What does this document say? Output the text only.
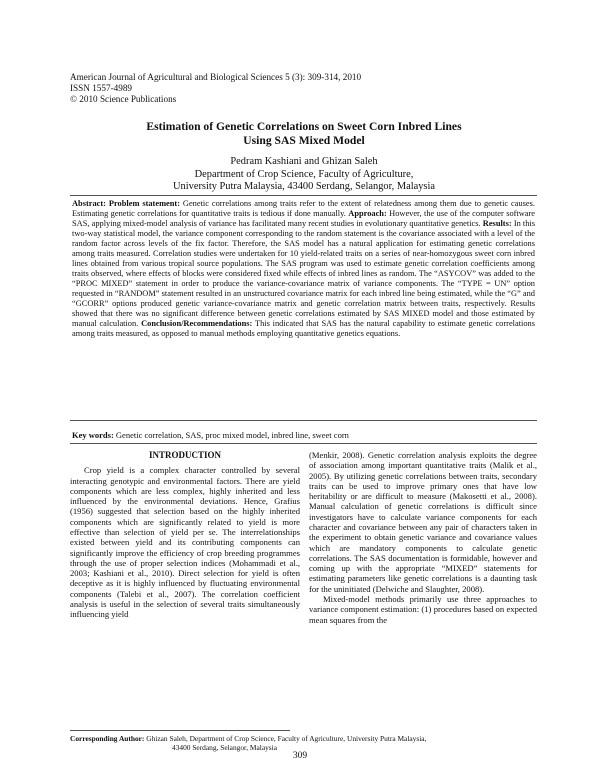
American Journal of Agricultural and Biological Sciences 5 (3): 309-314, 2010
ISSN 1557-4989
© 2010 Science Publications
Estimation of Genetic Correlations on Sweet Corn Inbred Lines
Using SAS Mixed Model
Pedram Kashiani and Ghizan Saleh
Department of Crop Science, Faculty of Agriculture,
University Putra Malaysia, 43400 Serdang, Selangor, Malaysia
Abstract: Problem statement: Genetic correlations among traits refer to the extent of relatedness among them due to genetic causes. Estimating genetic correlations for quantitative traits is tedious if done manually. Approach: However, the use of the computer software SAS, applying mixed-model analysis of variance has facilitated many recent studies in evolutionary quantitative genetics. Results: In this two-way statistical model, the variance component corresponding to the random statement is the covariance associated with a level of the random factor across levels of the fix factor. Therefore, the SAS model has a natural application for estimating genetic correlations among traits measured. Correlation studies were undertaken for 10 yield-related traits on a series of near-homozygous sweet corn inbred lines obtained from various tropical source populations. The SAS program was used to estimate genetic correlation coefficients among traits observed, where effects of blocks were considered fixed while effects of inbred lines as random. The “ASYCOV” was added to the “PROC MIXED” statement in order to produce the variance-covariance matrix of variance components. The “TYPE = UN” option requested in “RANDOM” statement resulted in an unstructured covariance matrix for each inbred line being estimated, while the “G” and “GCORR” options produced genetic variance-covariance matrix and genetic correlation matrix between traits, respectively. Results showed that there was no significant difference between genetic correlations estimated by SAS MIXED model and those estimated by manual calculation. Conclusion/Recommendations: This indicated that SAS has the natural capability to estimate genetic correlations among traits measured, as opposed to manual methods employing quantitative genetics equations.
Key words: Genetic correlation, SAS, proc mixed model, inbred line, sweet corn
INTRODUCTION

Crop yield is a complex character controlled by several interacting genotypic and environmental factors. There are yield components which are less complex, highly inherited and less influenced by the environmental deviations. Hence, Grafius (1956) suggested that selection based on the highly inherited components which are significantly related to yield is more effective than selection of yield per se. The interrelationships existed between yield and its contributing components can significantly improve the efficiency of crop breeding programmes through the use of proper selection indices (Mohammadi et al., 2003; Kashiani et al., 2010). Direct selection for yield is often deceptive as it is highly influenced by fluctuating environmental components (Talebi et al., 2007). The correlation coefficient analysis is useful in the selection of several traits simultaneously influencing yield

(Menkir, 2008). Genetic correlation analysis exploits the degree of association among important quantitative traits (Malik et al., 2005). By utilizing genetic correlations between traits, secondary traits can be used to improve primary ones that have low heritability or are difficult to measure (Makosetti et al., 2008). Manual calculation of genetic correlations is difficult since investigators have to calculate variance components for each character and covariance between any pair of characters taken in the experiment to obtain genetic variance and covariance values which are mandatory components to calculate genetic correlations. The SAS documentation is formidable, however and coming up with the appropriate “MIXED” statements for estimating parameters like genetic correlations is a daunting task for the uninitiated (Delwiche and Slaughter, 2008).

Mixed-model methods primarily use three approaches to variance component estimation: (1) procedures based on expected mean squares from the

Corresponding Author: Ghizan Saleh, Department of Crop Science, Faculty of Agriculture, University Putra Malaysia,
43400 Serdang, Selangor, Malaysia
309
